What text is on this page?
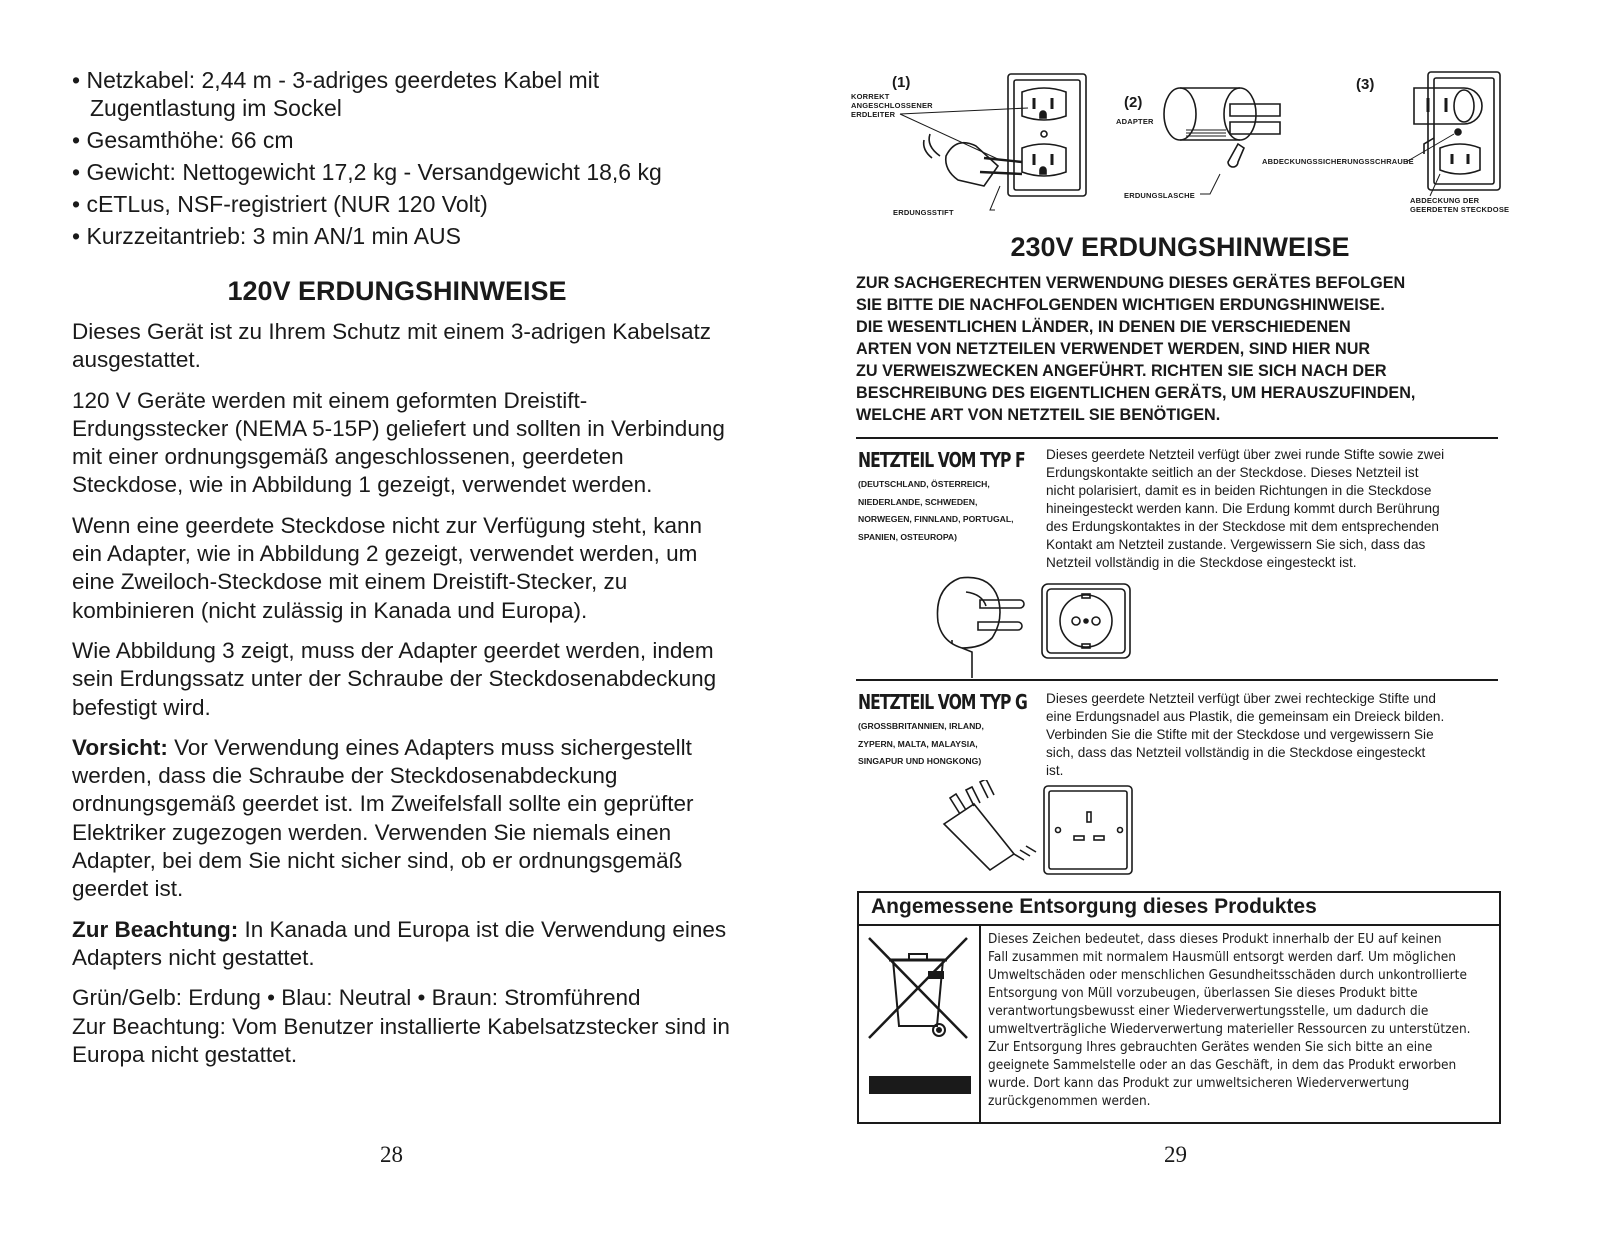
• Netzkabel: 2,44 m - 3-adriges geerdetes Kabel mit Zugentlastung im Sockel
• Gesamthöhe: 66 cm
• Gewicht: Nettogewicht 17,2 kg - Versandgewicht 18,6 kg
• cETLus, NSF-registriert (NUR 120 Volt)
• Kurzzeitantrieb: 3 min AN/1 min AUS
120V ERDUNGSHINWEISE

Dieses Gerät ist zu Ihrem Schutz mit einem 3-adrigen Kabelsatz ausgestattet.

120 V Geräte werden mit einem geformten Dreistift-Erdungsstecker (NEMA 5-15P) geliefert und sollten in Verbindung mit einer ordnungsgemäß angeschlossenen, geerdeten Steckdose, wie in Abbildung 1 gezeigt, verwendet werden.

Wenn eine geerdete Steckdose nicht zur Verfügung steht, kann ein Adapter, wie in Abbildung 2 gezeigt, verwendet werden, um eine Zweiloch-Steckdose mit einem Dreistift-Stecker, zu kombinieren (nicht zulässig in Kanada und Europa).

Wie Abbildung 3 zeigt, muss der Adapter geerdet werden, indem sein Erdungssatz unter der Schraube der Steckdosenabdeckung befestigt wird.

Vorsicht: Vor Verwendung eines Adapters muss sichergestellt werden, dass die Schraube der Steckdosenabdeckung ordnungsgemäß geerdet ist. Im Zweifelsfall sollte ein geprüfter Elektriker zugezogen werden. Verwenden Sie niemals einen Adapter, bei dem Sie nicht sicher sind, ob er ordnungsgemäß geerdet ist.

Zur Beachtung: In Kanada und Europa ist die Verwendung eines Adapters nicht gestattet.

Grün/Gelb: Erdung • Blau: Neutral • Braun: Stromführend
Zur Beachtung: Vom Benutzer installierte Kabelsatzstecker sind in Europa nicht gestattet.

28
(1)
(2)
(3)
KORREKT
ANGESCHLOSSENER
ERDLEITER
ERDUNGSSTIFT
ADAPTER
ERDUNGSLASCHE
ABDECKUNGSSICHERUNGSSCHRAUBE
ABDECKUNG DER
GEERDETEN STECKDOSE
230V ERDUNGSHINWEISE
ZUR SACHGERECHTEN VERWENDUNG DIESES GERÄTES BEFOLGEN
SIE BITTE DIE NACHFOLGENDEN WICHTIGEN ERDUNGSHINWEISE.
DIE WESENTLICHEN LÄNDER, IN DENEN DIE VERSCHIEDENEN
ARTEN VON NETZTEILEN VERWENDET WERDEN, SIND HIER NUR
ZU VERWEISZWECKEN ANGEFÜHRT. RICHTEN SIE SICH NACH DER
BESCHREIBUNG DES EIGENTLICHEN GERÄTS, UM HERAUSZUFINDEN,
WELCHE ART VON NETZTEIL SIE BENÖTIGEN.
NETZTEIL VOM TYP F
(DEUTSCHLAND, ÖSTERREICH,
NIEDERLANDE, SCHWEDEN,
NORWEGEN, FINNLAND, PORTUGAL,
SPANIEN, OSTEUROPA)
Dieses geerdete Netzteil verfügt über zwei runde Stifte sowie zwei
Erdungskontakte seitlich an der Steckdose. Dieses Netzteil ist
nicht polarisiert, damit es in beiden Richtungen in die Steckdose
hineingesteckt werden kann. Die Erdung kommt durch Berührung
des Erdungskontaktes in der Steckdose mit dem entsprechenden
Kontakt am Netzteil zustande. Vergewissern Sie sich, dass das
Netzteil vollständig in die Steckdose eingesteckt ist.
NETZTEIL VOM TYP G
(GROSSBRITANNIEN, IRLAND,
ZYPERN, MALTA, MALAYSIA,
SINGAPUR UND HONGKONG)
Dieses geerdete Netzteil verfügt über zwei rechteckige Stifte und
eine Erdungsnadel aus Plastik, die gemeinsam ein Dreieck bilden.
Verbinden Sie die Stifte mit der Steckdose und vergewissern Sie
sich, dass das Netzteil vollständig in die Steckdose eingesteckt
ist.
Angemessene Entsorgung dieses Produktes
Dieses Zeichen bedeutet, dass dieses Produkt innerhalb der EU auf keinen
Fall zusammen mit normalem Hausmüll entsorgt werden darf. Um möglichen
Umweltschäden oder menschlichen Gesundheitsschäden durch unkontrollierte
Entsorgung von Müll vorzubeugen, überlassen Sie dieses Produkt bitte
verantwortungsbewusst einer Wiederverwertungsstelle, um dadurch die
umweltverträgliche Wiederverwertung materieller Ressourcen zu unterstützen.
Zur Entsorgung Ihres gebrauchten Gerätes wenden Sie sich bitte an eine
geeignete Sammelstelle oder an das Geschäft, in dem das Produkt erworben
wurde. Dort kann das Produkt zur umweltsicheren Wiederverwertung
zurückgenommen werden.
29
